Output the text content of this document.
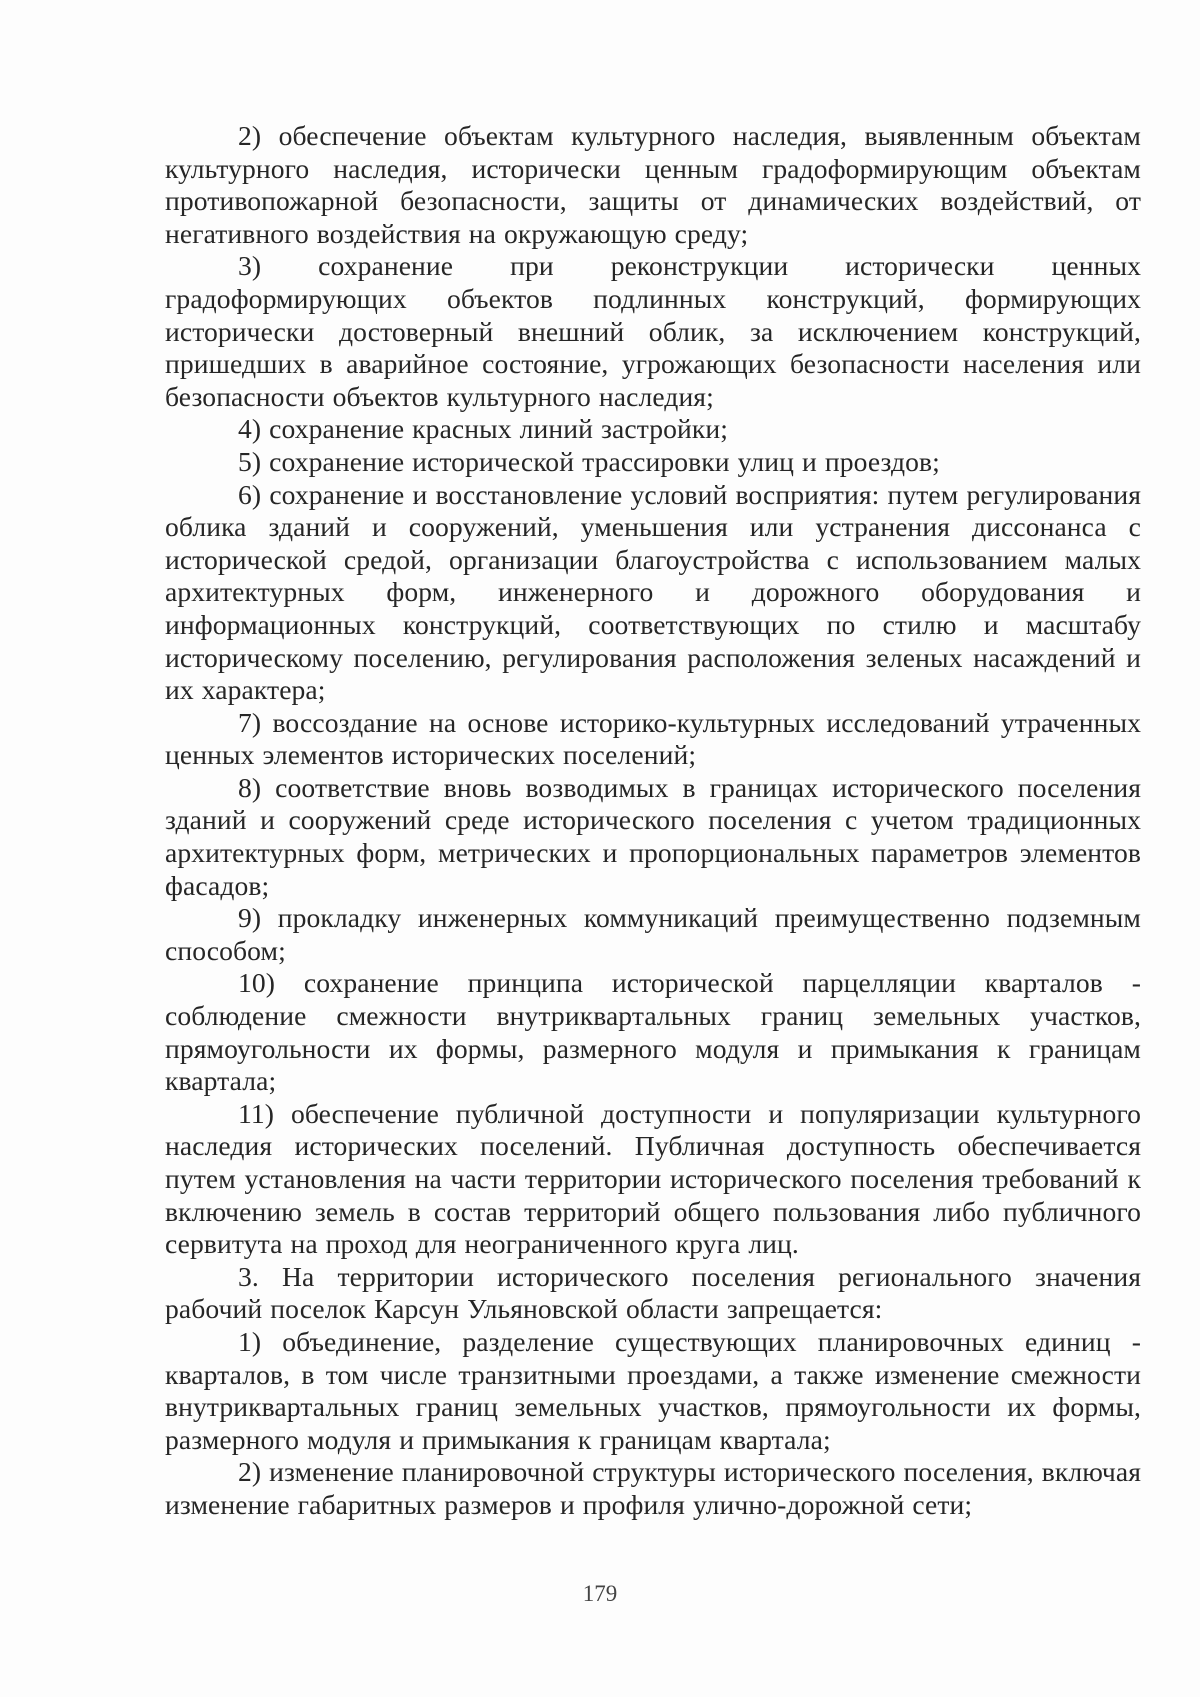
2) обеспечение объектам культурного наследия, выявленным объектам культурного наследия, исторически ценным градоформирующим объектам противопожарной безопасности, защиты от динамических воздействий, от негативного воздействия на окружающую среду;

3) сохранение при реконструкции исторически ценных градоформирующих объектов подлинных конструкций, формирующих исторически достоверный внешний облик, за исключением конструкций, пришедших в аварийное состояние, угрожающих безопасности населения или безопасности объектов культурного наследия;

4) сохранение красных линий застройки;

5) сохранение исторической трассировки улиц и проездов;

6) сохранение и восстановление условий восприятия: путем регулирования облика зданий и сооружений, уменьшения или устранения диссонанса с исторической средой, организации благоустройства с использованием малых архитектурных форм, инженерного и дорожного оборудования и информационных конструкций, соответствующих по стилю и масштабу историческому поселению, регулирования расположения зеленых насаждений и их характера;

7) воссоздание на основе историко-культурных исследований утраченных ценных элементов исторических поселений;

8) соответствие вновь возводимых в границах исторического поселения зданий и сооружений среде исторического поселения с учетом традиционных архитектурных форм, метрических и пропорциональных параметров элементов фасадов;

9) прокладку инженерных коммуникаций преимущественно подземным способом;

10) сохранение принципа исторической парцелляции кварталов - соблюдение смежности внутриквартальных границ земельных участков, прямоугольности их формы, размерного модуля и примыкания к границам квартала;

11) обеспечение публичной доступности и популяризации культурного наследия исторических поселений. Публичная доступность обеспечивается путем установления на части территории исторического поселения требований к включению земель в состав территорий общего пользования либо публичного сервитута на проход для неограниченного круга лиц.

3. На территории исторического поселения регионального значения рабочий поселок Карсун Ульяновской области запрещается:

1) объединение, разделение существующих планировочных единиц - кварталов, в том числе транзитными проездами, а также изменение смежности внутриквартальных границ земельных участков, прямоугольности их формы, размерного модуля и примыкания к границам квартала;

2) изменение планировочной структуры исторического поселения, включая изменение габаритных размеров и профиля улично-дорожной сети;

179
